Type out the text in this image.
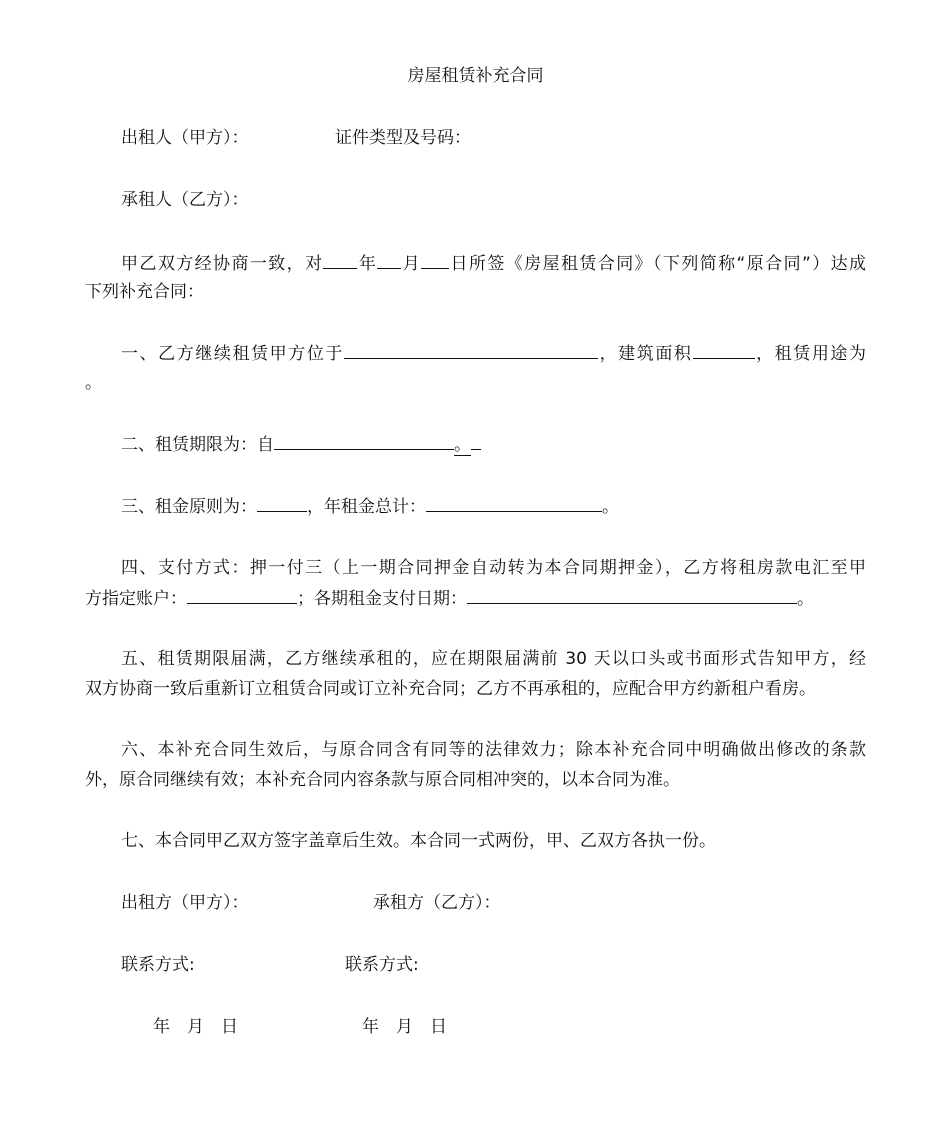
房屋租赁补充合同
出租人（甲方）：	证件类型及号码：
承租人（乙方）：
甲乙双方经协商一致，对 年 月 日所签《房屋租赁合同》（下列简称“原合同”）达成
下列补充合同：
一、乙方继续租赁甲方位于	，建筑面积	，租赁用途为
。
二、租赁期限为：自	。
三、租金原则为：	，年租金总计：	。
四、支付方式：押一付三（上一期合同押金自动转为本合同期押金），乙方将租房款电汇至甲
方指定账户：	；各期租金支付日期：	。
五、租赁期限届满，乙方继续承租的，应在期限届满前 30 天以口头或书面形式告知甲方，经
双方协商一致后重新订立租赁合同或订立补充合同；乙方不再承租的，应配合甲方约新租户看房。
六、本补充合同生效后，与原合同含有同等的法律效力；除本补充合同中明确做出修改的条款
外，原合同继续有效；本补充合同内容条款与原合同相冲突的，以本合同为准。
七、本合同甲乙双方签字盖章后生效。本合同一式两份，甲、乙双方各执一份。
出租方（甲方）：	承租方（乙方）：
联系方式:	联系方式:
年 月 日	年 月 日
